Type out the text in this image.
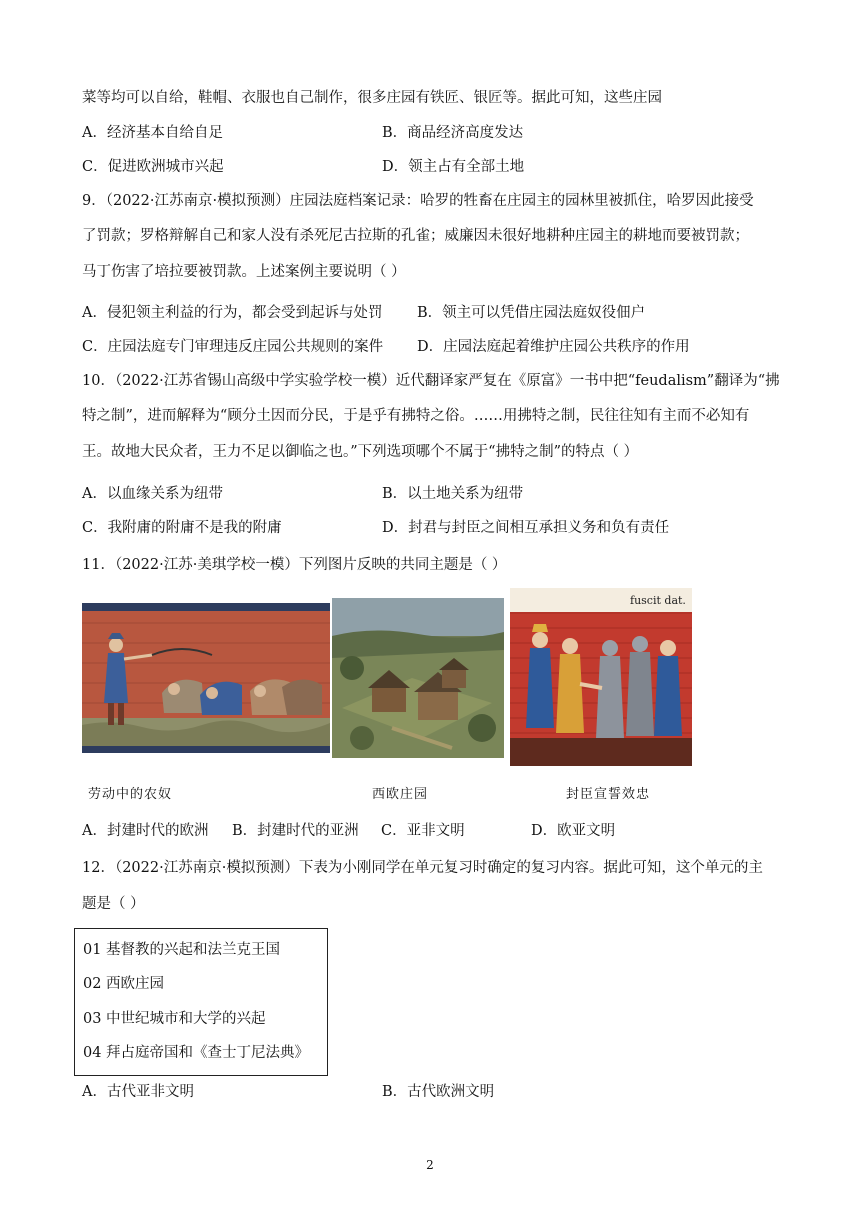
菜等均可以自给，鞋帽、衣服也自己制作，很多庄园有铁匠、银匠等。据此可知，这些庄园
A．经济基本自给自足	B．商品经济高度发达
C．促进欧洲城市兴起	D．领主占有全部土地
9．（2022·江苏南京·模拟预测）庄园法庭档案记录：哈罗的牲畜在庄园主的园林里被抓住，哈罗因此接受
了罚款；罗格辩解自己和家人没有杀死尼古拉斯的孔雀；威廉因未很好地耕种庄园主的耕地而要被罚款；
马丁伤害了培拉要被罚款。上述案例主要说明（ ）
A．侵犯领主利益的行为，都会受到起诉与处罚 B．领主可以凭借庄园法庭奴役佃户
C．庄园法庭专门审理违反庄园公共规则的案件 D．庄园法庭起着维护庄园公共秩序的作用
10．（2022·江苏省锡山高级中学实验学校一模）近代翻译家严复在《原富》一书中把“feudalism”翻译为“拂
特之制”，进而解释为“顾分土因而分民，于是乎有拂特之俗。……用拂特之制，民往往知有主而不必知有
王。故地大民众者，王力不足以御临之也。”下列选项哪个不属于“拂特之制”的特点（ ）
A．以血缘关系为纽带	B．以土地关系为纽带
C．我附庸的附庸不是我的附庸	D．封君与封臣之间相互承担义务和负有责任
11．（2022·江苏·美琪学校一模）下列图片反映的共同主题是（ ）
fuscit dat.
劳动中的农奴	西欧庄园	封臣宣誓效忠
A．封建时代的欧洲 B．封建时代的亚洲 C．亚非文明	D．欧亚文明
12．（2022·江苏南京·模拟预测）下表为小刚同学在单元复习时确定的复习内容。据此可知，这个单元的主
题是（ ）
01 基督教的兴起和法兰克王国
02 西欧庄园
03 中世纪城市和大学的兴起
04 拜占庭帝国和《查士丁尼法典》
A．古代亚非文明	B．古代欧洲文明
2
